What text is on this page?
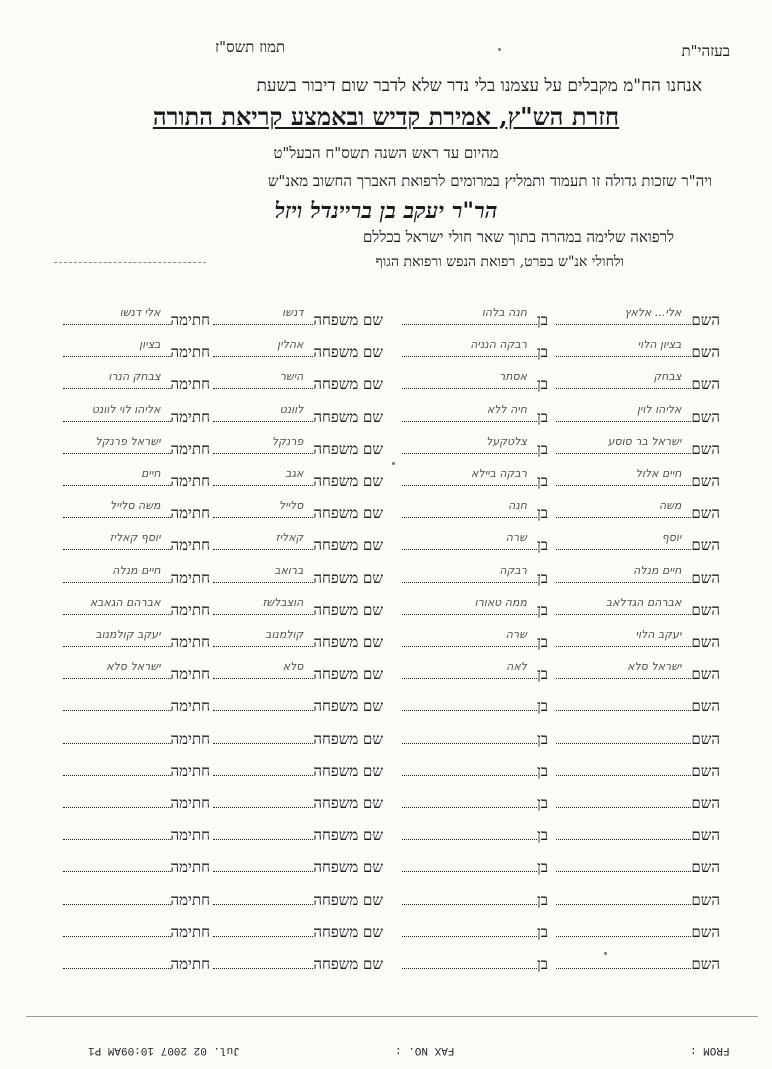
בעזהי"ת
תמוז תשס"ז
אנחנו הח"מ מקבלים על עצמנו בלי נדר שלא לדבר שום דיבור בשעת
חזרת הש"ץ, אמירת קדיש ובאמצע קריאת התורה
מהיום עד ראש השנה תשס"ח הבעל"ט
ויה"ר שזכות גדולה זו תעמוד ותמליץ במרומים לרפואת האברך החשוב מאנ"ש
הר"ר יעקב בן בריינדל ויזל
לרפואה שלימה במהרה בתוך שאר חולי ישראל בכללם
ולחולי אנ"ש בפרט, רפואת הנפש ורפואת הגוף
השם
אלי... אלאץ
בן
חנה בלהו
שם משפחה
דנשו
חתימה
אלי דנשו
השם
בציון הלוי
בן
רבקה הנניה
שם משפחה
אהלין
חתימה
בציון
השם
צבחק
בן
אסתר
שם משפחה
הישר
חתימה
צבחק הנרו
השם
אליהו לוין
בן
חיה ללא
שם משפחה
לוונט
חתימה
אליהו לוי לוונט
השם
ישראל בר סוסע
בן
צלטקעל
שם משפחה
פרנקל
חתימה
ישראל פרנקל
השם
חיים אלול
בן
רבקה ביילא
שם משפחה
אגב
חתימה
חיים
השם
משה
בן
חנה
שם משפחה
סלייל
חתימה
משה סלייל
השם
יוסף
בן
שרה
שם משפחה
קאליז
חתימה
יוסף קאליז
השם
חיים מנלה
בן
רבקה
שם משפחה
ברואב
חתימה
חיים מנלה
השם
אברהם הגדלאב
בן
ממה טאורו
שם משפחה
הוצבלשז
חתימה
אברהם הגאבא
השם
יעקב הלוי
בן
שרה
שם משפחה
קולמנוב
חתימה
יעקב קולמנוב
השם
ישראל סלא
בן
לאה
שם משפחה
סלא
חתימה
ישראל סלא
השם
בן
שם משפחה
חתימה
השם
בן
שם משפחה
חתימה
השם
בן
שם משפחה
חתימה
השם
בן
שם משפחה
חתימה
השם
בן
שם משפחה
חתימה
השם
בן
שם משפחה
חתימה
השם
בן
שם משפחה
חתימה
השם
בן
שם משפחה
חתימה
השם
בן
שם משפחה
חתימה
Jul. 02 2007 10:09AM P1	FAX NO. :	FROM :
